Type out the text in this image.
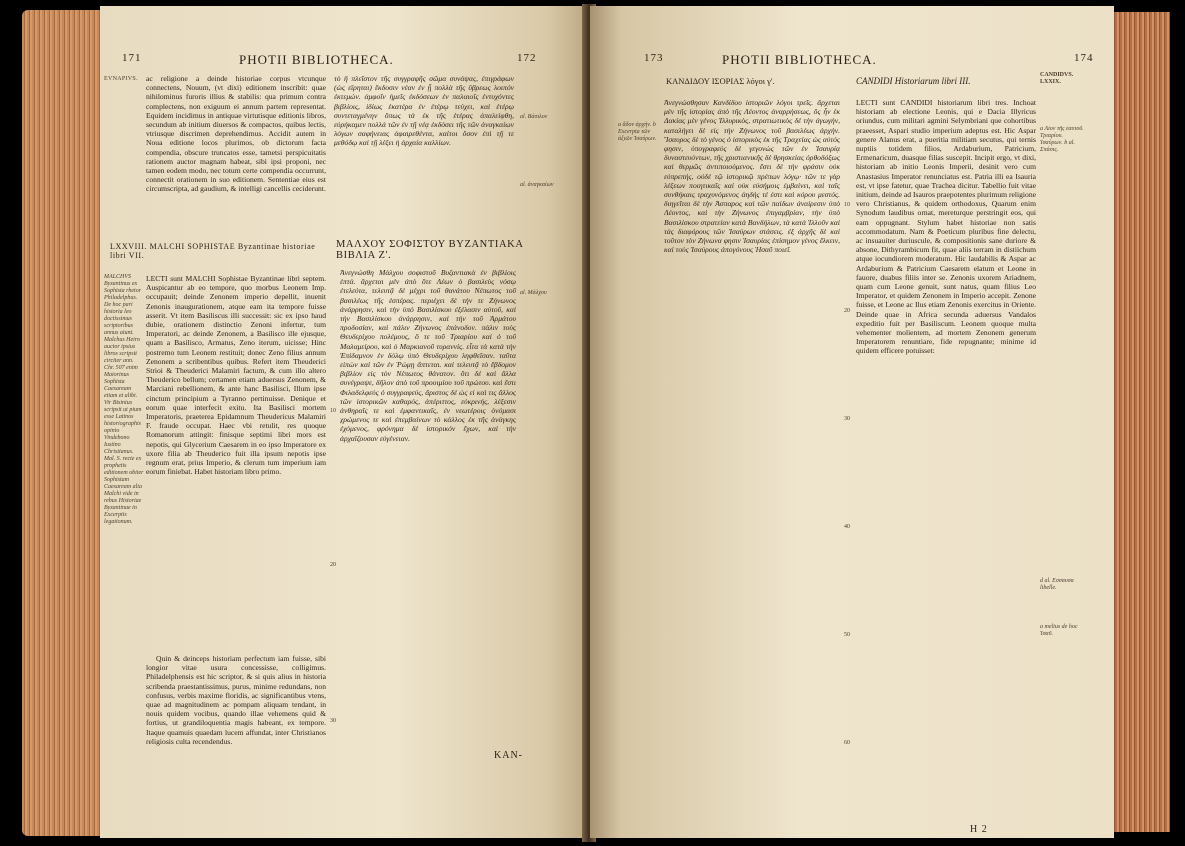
171	PHOTII BIBLIOTHECA.	172
EVNAPIVS.	ac religione a deinde historiae corpus vtcunque connectens, Nouum, (vt dixi) editionem inscribit: quae nihilominus furoris illius & stabilis: qua primum contra complectens, non exiguum ei annum partem representat. Equidem incidimus in antiquae virtutisque editionis libros, secundum ab initium diuersos & compactos, quibus lectis, vtriusque discrimen deprehendimus. Accidit autem in Noua editione locos plurimos, ob dictorum facta compendia, obscure truncatos esse, tametsi perspicuitatis rationem auctor magnam habeat, sibi ipsi proponi, nec tamen eodem modo, nec totum certe compendia occurrunt, connectit orationem in suo editionem. Sententiae eius est circumscripta, ad gaudium, & intelligi cancellis ceciderunt.

τὸ ἢ πλεῖστον τῆς συγγραφῆς σῶμα συνάψας, ἐπιγράφων (ὡς εἴρηται) ἔκδοσιν νέαν ἐν ᾗ πολλὰ τῆς ὕβρεως λοιπόν ἐκτεμών. ἀμφοῖν ἡμεῖς ἐκδόσεων ἐν παλαιοῖς ἐντυχόντες βιβλίοις, ἰδίως ἑκατέρα ἐν ἑτέρῳ τεύχει, καὶ ἑτέρῳ συντεταγμένην ὅπως τὰ ἐκ τῆς ἑτέρας ἀπαλείφθη, εὐρήκαμεν πολλὰ τῶν ἐν τῇ νέᾳ ἐκδόσει τῆς τῶν ἀναγκαίων λόγων σαφήνειας ἀφαιρεθέντα, καίτοι ὅσον ἐπὶ τῇ τε μεθόδῳ καὶ τῇ λέξει ἡ ἀρχαία καλλίων.

al. Βάσιλον
al. ἀναγκαίων
LXXVIII. MALCHI SOPHISTAE Byzantinae historiae libri VII.
ΜΑΛΧΟΥ ΣΟΦΙΣΤΟΥ ΒΥΖΑΝΤΙΑΚΑ ΒΙΒΛΙΑ Ζ'.
MALCHVS Byzantinus ex Sophista rhetor Philadelphus. De hoc pari historia leo doctissimus scriptoribus annus aiunt. Malchus Heiro auctor ipsius libros scripsit circiter ann. Chr. 507 enim Maiorinus Sophista Caesaream etiam et alibi. Vir Bisinius scripsit ut pium esse Latinos historiographis opinio Vindebono Iustino Christianus. Mal. S. recte ex prophetis editionem obiter Sophistam Caesaream alia Malchi vide in rebus Historiae Byzantinae in Excerptis legationum.

LECTI sunt MALCHI Sophistae Byzantinae libri septem. Auspicantur ab eo tempore, quo morbus Leonem Imp. occupauit; deinde Zenonem imperio depellit, inuenit Zenonis inaugurationem, atque eam ita tempore fuisse asserit. Vt item Basiliscus illi successit: sic ex ipso haud dubie, orationem distinctio Zenoni infertur, tum Imperatori, ac deinde Zenonem, a Basilisco ille ejusque, quam a Basilisco, Armatus, Zeno iterum, uicisse; Hinc postremo tum Leonem restituit; donec Zeno filius annum Zenonem a scribentibus quibus. Refert item Theuderici Strioi & Theuderici Malamiri factum, & cum illo altero Theuderico bellum; certamen etiam aduersus Zenonem, & Marciani rebellionem, & ante hanc Basilisci, Illum ipse cinctum principium a Tyranno pertinuisse. Denique et eorum quae interfecit exitu. Ita Basilisci mortem Imperatoris, praeterea Epidamnum Theudericus Malamiri F. fraude occupat. Haec vbi retulit, res quoque Romanorum attingit: finisque septimi libri mors est nepotis, qui Glycerium Caesarem in eo ipso Imperatore ex uxore filia ab Theuderico fuit illa ipsum nepotis ipse regnum erat, prius Imperio, & clerum tum imperium iam eorum finiebat. Habet historiam libro primo.

Quin & deinceps historiam perfectum iam fuisse, sibi longior vitae usura concessisse, colligimus. Philadelphensis est hic scriptor, & si quis alius in historia scribenda praestantissimus, purus, minime redundans, non confusus, verbis maxime floridis, ac significantibus vtens, quae ad magnitudinem ac pompam aliquam tendant, in nouis quidem vocibus, quando illae vehemens quid & fortius, ut grandiloquentia magis habeant, ex tempore. Itaque quamuis quaedam lucem affundat, inter Christianos religiosis culta recendendus.

10
20
30

Ἀνεγνώσθη Μάλχου σοφιστοῦ Βυζαντιακὰ ἐν βιβλίοις ἑπτά. ἄρχεται μὲν ἀπὸ ὅτε Λέων ὁ βασιλεὺς νόσῳ ἐτελεύτα, τελευτᾷ δὲ μέχρι τοῦ θανάτου Νέπωτος τοῦ βασιλέως τῆς ἑσπέρας. περιέχει δὲ τήν τε Ζήνωνος ἀνάρρησιν, καὶ τὴν ὑπὸ Βασιλίσκου ἐξέλασιν αὐτοῦ, καὶ τὴν Βασιλίσκου ἀνάρρησιν, καὶ τὴν τοῦ Ἁρμάτου προδοσίαν, καὶ πάλιν Ζήνωνος ἐπάνοδον. πάλιν τοὺς Θευδερίχου πολέμους, ὅ τε τοῦ Τριαρίου καὶ ὁ τοῦ Μαλαμείρου, καὶ ὁ Μαρκιανοῦ τυραννίς. εἶτα τὰ κατὰ τὴν Ἐπίδαμνον ἐν δόλῳ ὑπὸ Θευδερίχου ληφθεῖσαν. ταῦτα εἰπὼν καὶ τῶν ἐν Ῥώμῃ ἅπτεται. καὶ τελευτᾷ τὸ ἕβδομον βιβλίον εἰς τὸν Νέπωτος θάνατον. ὅτι δὲ καὶ ἄλλα συνέγραψε, δῆλον ἀπὸ τοῦ προοιμίου τοῦ πρώτου. καὶ ἔστι Φιλαδελφεὺς ὁ συγγραφεύς, ἄριστος δὲ ὡς εἰ καὶ τις ἄλλος τῶν ἱστορικῶν καθαρός, ἀπέριττος, εὐκρινής, λέξεσιν ἀνθηραῖς τε καὶ ἐμφαντικαῖς, ἐν νεωτέροις ὀνόμασι χρώμενος τε καὶ ἐπεμβαίνων τὸ κάλλος ἐκ τῆς ἀνάγκης ἐχόμενος, φρόνημα δὲ ἱστορικόν ἔχων, καὶ τὴν ἀρχαΐζουσαν εὐγένειαν.

al. Μάλχου
KAN-
173	PHOTII BIBLIOTHECA.	174
ΚΑΝΔΙΔΟΥ ΙΣΟΡΙΑΣ λόγοι γ'.	CANDIDI Historiarum libri III.
CANDIDVS. LXXIX.

Ἀνεγνώσθησαν Κανδίδου ἱστοριῶν λόγοι τρεῖς. ἄρχεται μὲν τῆς ἱστορίας ἀπὸ τῆς Λέοντος ἀναρρήσεως, ὃς ἦν ἐκ Δακίας μὲν γένος Ἰλλυρικὸς, στρατιωτικὸς δὲ τὴν ἀγωγὴν, καταλήγει δὲ εἰς τὴν Ζήνωνος τοῦ βασιλέως ἀρχὴν. Ἴσαυρος δὲ τὸ γένος ὁ ἱστορικὸς ἐκ τῆς Τραχείας ὡς αὐτός φησιν, ὑπογραφεὺς δὲ γεγονὼς τῶν ἐν Ἰσαυρίᾳ δυναστευόντων, τῆς χριστιανικῆς δὲ θρησκείας ὀρθοδόξως καὶ θερμῶς ἀντιποιούμενος. ἔστι δὲ τὴν φράσιν οὐκ εὐπρεπής, οὐδὲ τῷ ἱστορικῷ πρέπων λόγῳ· τῶν τε γὰρ λέξεων ποιητικαῖς καὶ οὐκ εὐσήμοις ἐμβαίνει, καὶ ταῖς συνθήκαις τραχυνόμενος ἀηδής τέ ἐστι καὶ κόρου μεστός. διηγεῖται δὲ τὴν Ἀσπαρος καὶ τῶν παίδων ἀναίρεσιν ὑπὸ Λέοντος, καὶ τὴν Ζήνωνος ἐπιγαμβρίαν, τὴν ὑπὸ Βασιλίσκου στρατείαν κατὰ Βανδήλων, τὰ κατὰ Ἰλλοῦν καὶ τὰς διαφόρους τῶν Ἰσαύρων στάσεις. ἐξ ἀρχῆς δὲ καὶ τοῦτον τὸν Ζήνωνα φησιν Ἰσαυρίας ἐπίσημον γένος ἔλκειν, καὶ τοὺς Ἰσαύρους ἀπογόνους Ἡσαῦ ποιεῖ.

LECTI sunt CANDIDI historiarum libri tres. Inchoat historiam ab electione Leonis, qui e Dacia Illyricus oriundus, cum militari agmini Selymbriani que cohortibus praeesset, Aspari studio imperium adeptus est. Hic Aspar genere Alanus erat, a pueritia militiam secutus, qui ternis nuptiis totidem filios, Ardaburium, Patricium, Ermenaricum, duasque filias suscepit. Incipit ergo, vt dixi, historiam ab initio Leonis Imperii, desinit vero cum Anastasius Imperator renunciatus est. Patria illi ea Isauria est, vt ipse fatetur, quae Trachea dicitur. Tabellio fuit vitae initium, deinde ad Isauros praepotentes plurimum religione vero Christianus, & quidem orthodoxus, Quarum enim Synodum laudibus ornat, mereturque perstringit eos, qui eam oppugnant. Stylum habet historiae non satis accommodatum. Nam & Poeticum pluribus fine delectu, ac insuauiter duriuscule, & compositionis sane duriore & absone, Dithyrambicum fit, quae aliis terram in distiichum atque iocundiorem moderatum. Hic laudabilis & Aspar ac Ardaburium & Patricium Caesarem elatum et Leone in fauore, duabus filiis inter se. Zenonis uxorem Ariadnem, quam cum Leone genuit, sunt natus, quam filius Leo Imperator, et quidem Zenonem in Imperio accepit. Zenone fuisse, et Leone ac Ilus etiam Zenonis exercitus in Oriente. Deinde quae in Africa secunda aduersus Vandalos expeditio fuit per Basiliscum. Leonem quoque multa vehementer molientem, ad mortem Zenonem generum Imperatorem renuntiare, fide repugnante; minime id quidem efficere potuisset:

a ἄδον ἀρχήν. b Excerpta τῶν ἀξιῶν Ἰσαύρων.
a Λίον τῆς ἑαυτοῦ. Τριαρίου. Ἰσαύρων. b al. Σπάσις.
d al. Εσσαυσα libelle.
a melius de hoc Ἰσαῦ.
10
20
30
40
50
60
H 2
